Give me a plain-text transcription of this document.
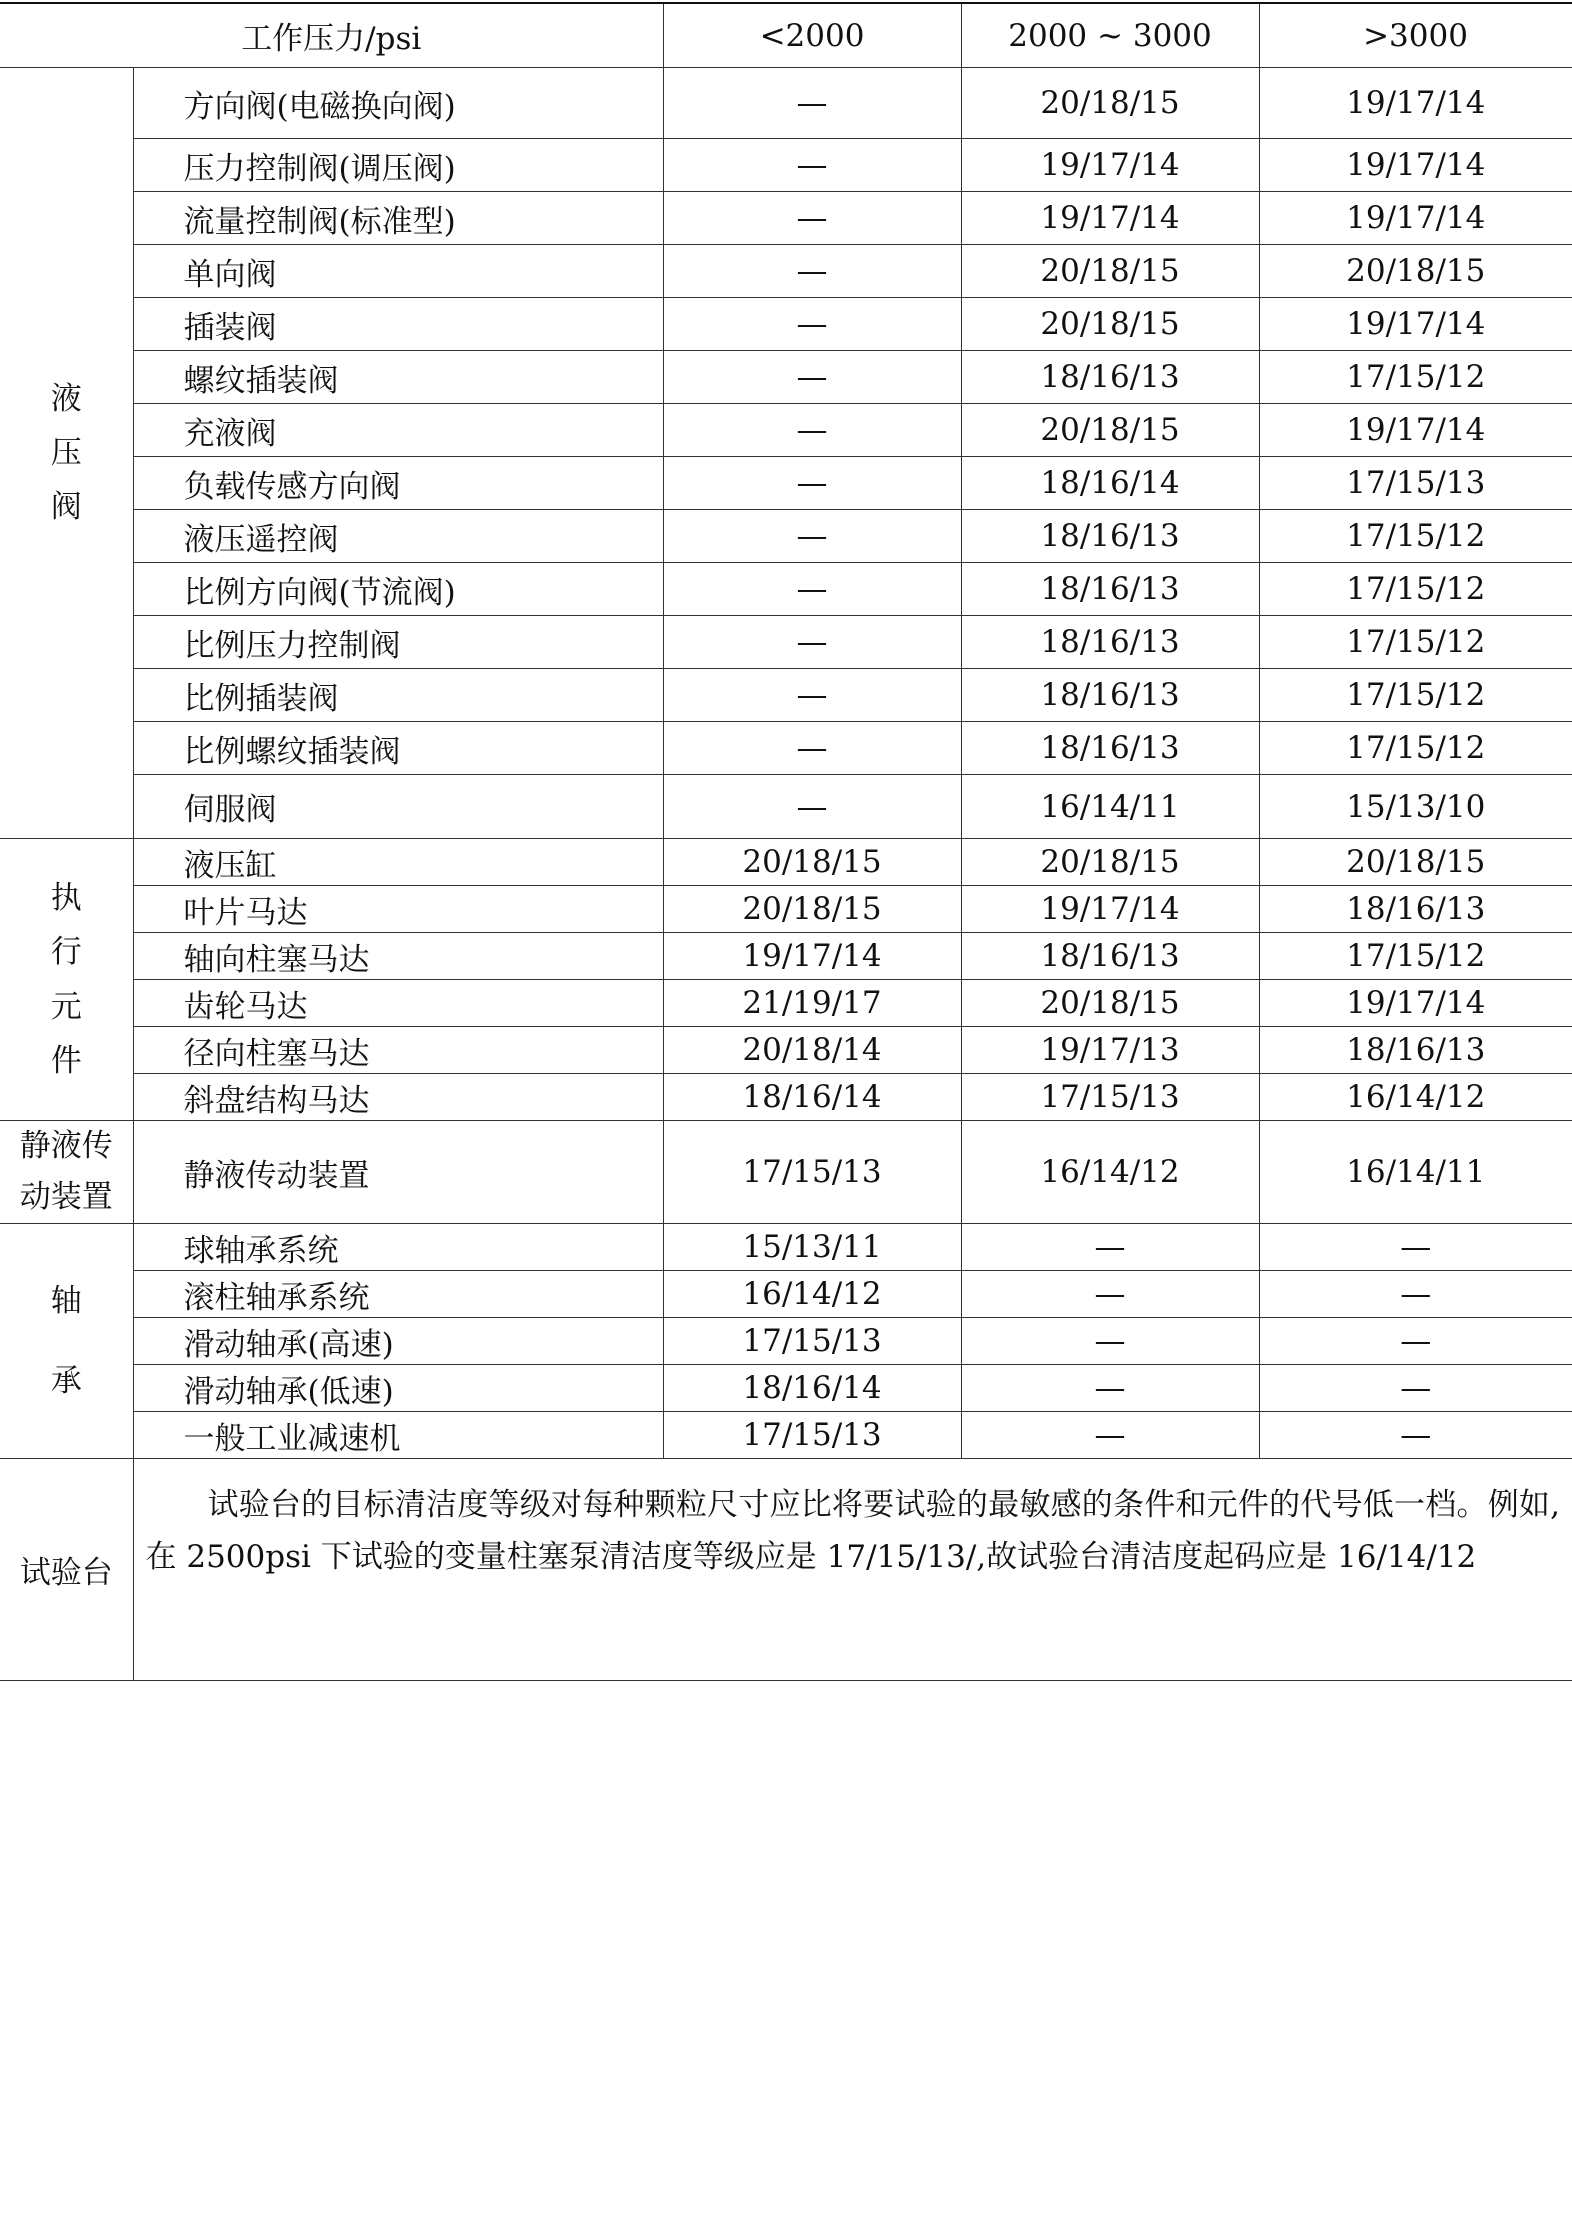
工作压力/psi		<2000	2000 ~ 3000	>3000
液压阀	方向阀(电磁换向阀)	—	20/18/15	19/17/14
	压力控制阀(调压阀)	—	19/17/14	19/17/14
	流量控制阀(标准型)	—	19/17/14	19/17/14
	单向阀	—	20/18/15	20/18/15
	插装阀	—	20/18/15	19/17/14
	螺纹插装阀	—	18/16/13	17/15/12
	充液阀	—	20/18/15	19/17/14
	负载传感方向阀	—	18/16/14	17/15/13
	液压遥控阀	—	18/16/13	17/15/12
	比例方向阀(节流阀)	—	18/16/13	17/15/12
	比例压力控制阀	—	18/16/13	17/15/12
	比例插装阀	—	18/16/13	17/15/12
	比例螺纹插装阀	—	18/16/13	17/15/12
	伺服阀	—	16/14/11	15/13/10
执行元件	液压缸	20/18/15	20/18/15	20/18/15
	叶片马达	20/18/15	19/17/14	18/16/13
	轴向柱塞马达	19/17/14	18/16/13	17/15/12
	齿轮马达	21/19/17	20/18/15	19/17/14
	径向柱塞马达	20/18/14	19/17/13	18/16/13
	斜盘结构马达	18/16/14	17/15/13	16/14/12
静液传动装置	静液传动装置	17/15/13	16/14/12	16/14/11
轴承	球轴承系统	15/13/11	—	—
	滚柱轴承系统	16/14/12	—	—
	滑动轴承(高速)	17/15/13	—	—
	滑动轴承(低速)	18/16/14	—	—
	一般工业减速机	17/15/13	—	—
试验台	试验台的目标清洁度等级对每种颗粒尺寸应比将要试验的最敏感的条件和元件的代号低一档。例如,在 2500psi 下试验的变量柱塞泵清洁度等级应是 17/15/13/,故试验台清洁度起码应是 16/14/12			
